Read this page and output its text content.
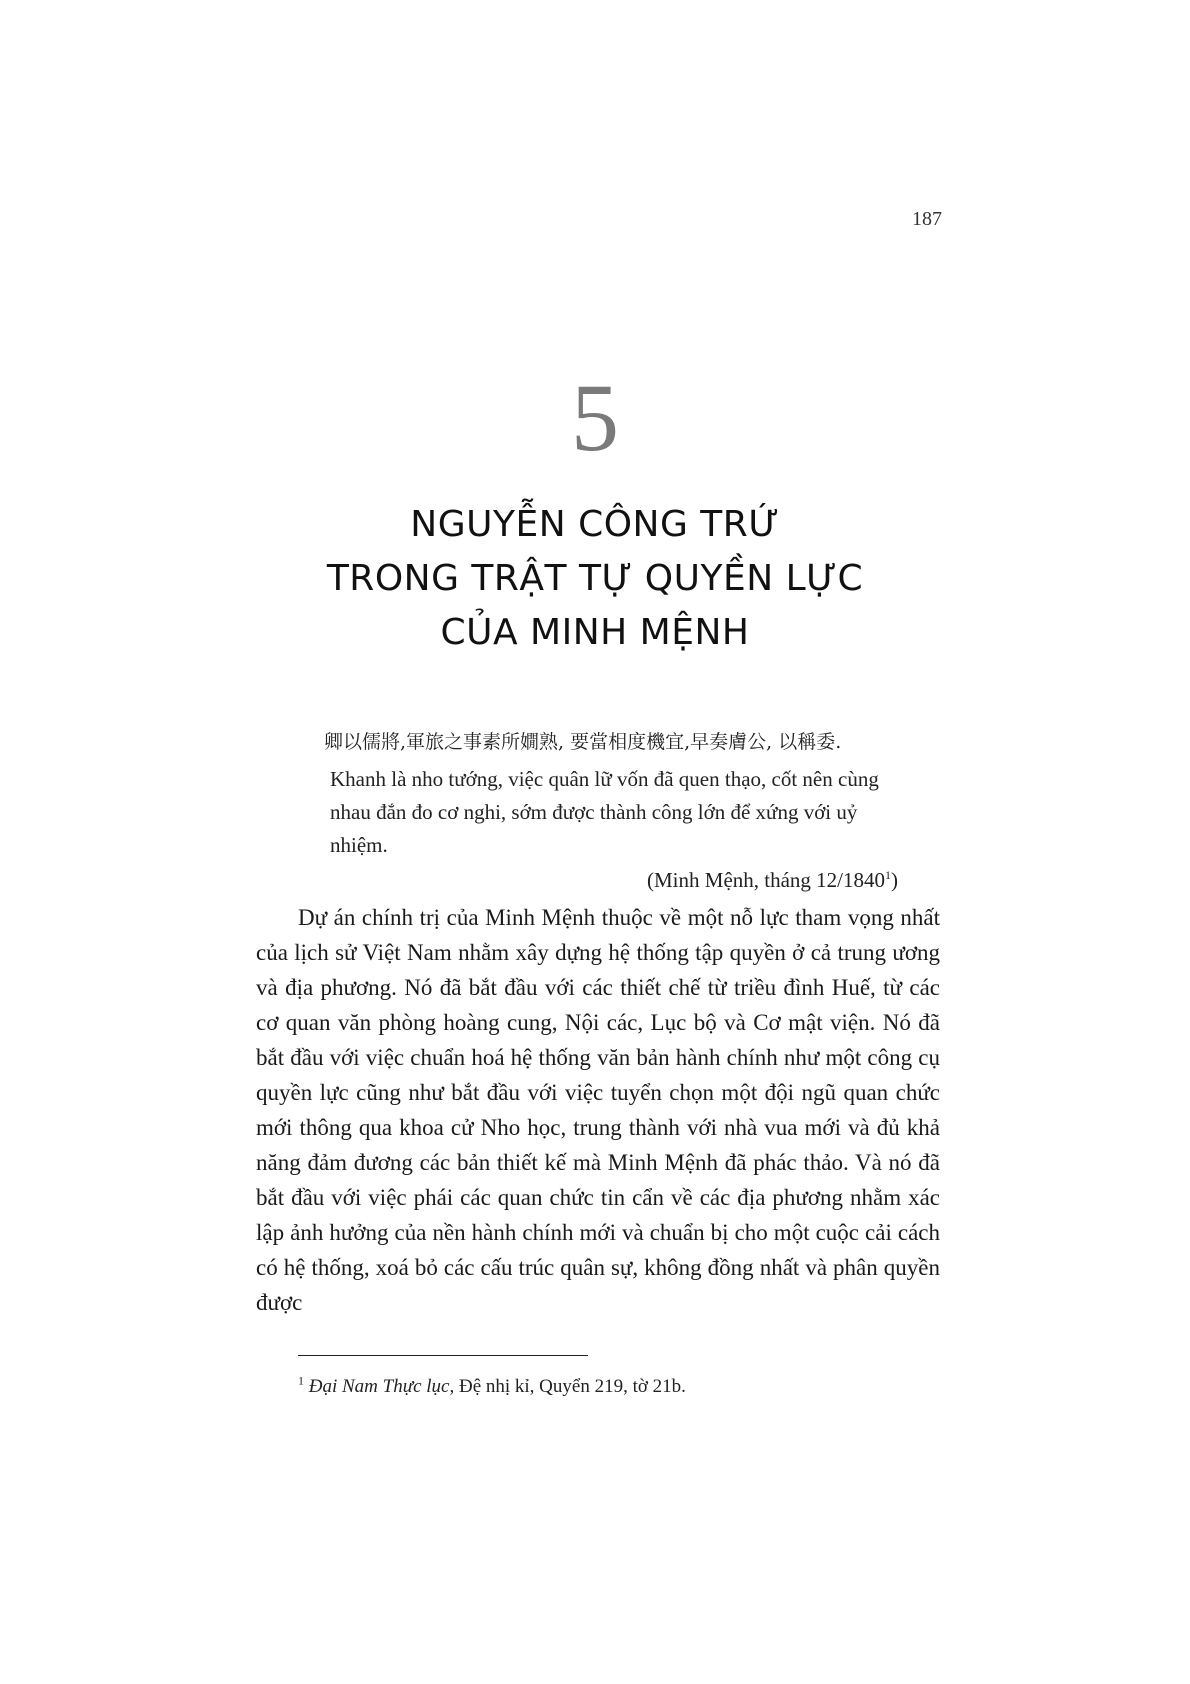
187
5
NGUYỄN CÔNG TRỨ
TRONG TRẬT TỰ QUYỀN LỰC
CỦA MINH MỆNH
卿以儒將,軍旅之事素所嫺熟, 要當相度機宜,早奏膚公, 以稱委.
Khanh là nho tướng, việc quân lữ vốn đã quen thạo, cốt nên cùng nhau đắn đo cơ nghi, sớm được thành công lớn để xứng với uỷ nhiệm.
(Minh Mệnh, tháng 12/1840$^1$)

Dự án chính trị của Minh Mệnh thuộc về một nỗ lực tham vọng nhất của lịch sử Việt Nam nhằm xây dựng hệ thống tập quyền ở cả trung ương và địa phương. Nó đã bắt đầu với các thiết chế từ triều đình Huế, từ các cơ quan văn phòng hoàng cung, Nội các, Lục bộ và Cơ mật viện. Nó đã bắt đầu với việc chuẩn hoá hệ thống văn bản hành chính như một công cụ quyền lực cũng như bắt đầu với việc tuyển chọn một đội ngũ quan chức mới thông qua khoa cử Nho học, trung thành với nhà vua mới và đủ khả năng đảm đương các bản thiết kế mà Minh Mệnh đã phác thảo. Và nó đã bắt đầu với việc phái các quan chức tin cẩn về các địa phương nhằm xác lập ảnh hưởng của nền hành chính mới và chuẩn bị cho một cuộc cải cách có hệ thống, xoá bỏ các cấu trúc quân sự, không đồng nhất và phân quyền được

$^1$ Đại Nam Thực lục, Đệ nhị kỉ, Quyển 219, tờ 21b.
